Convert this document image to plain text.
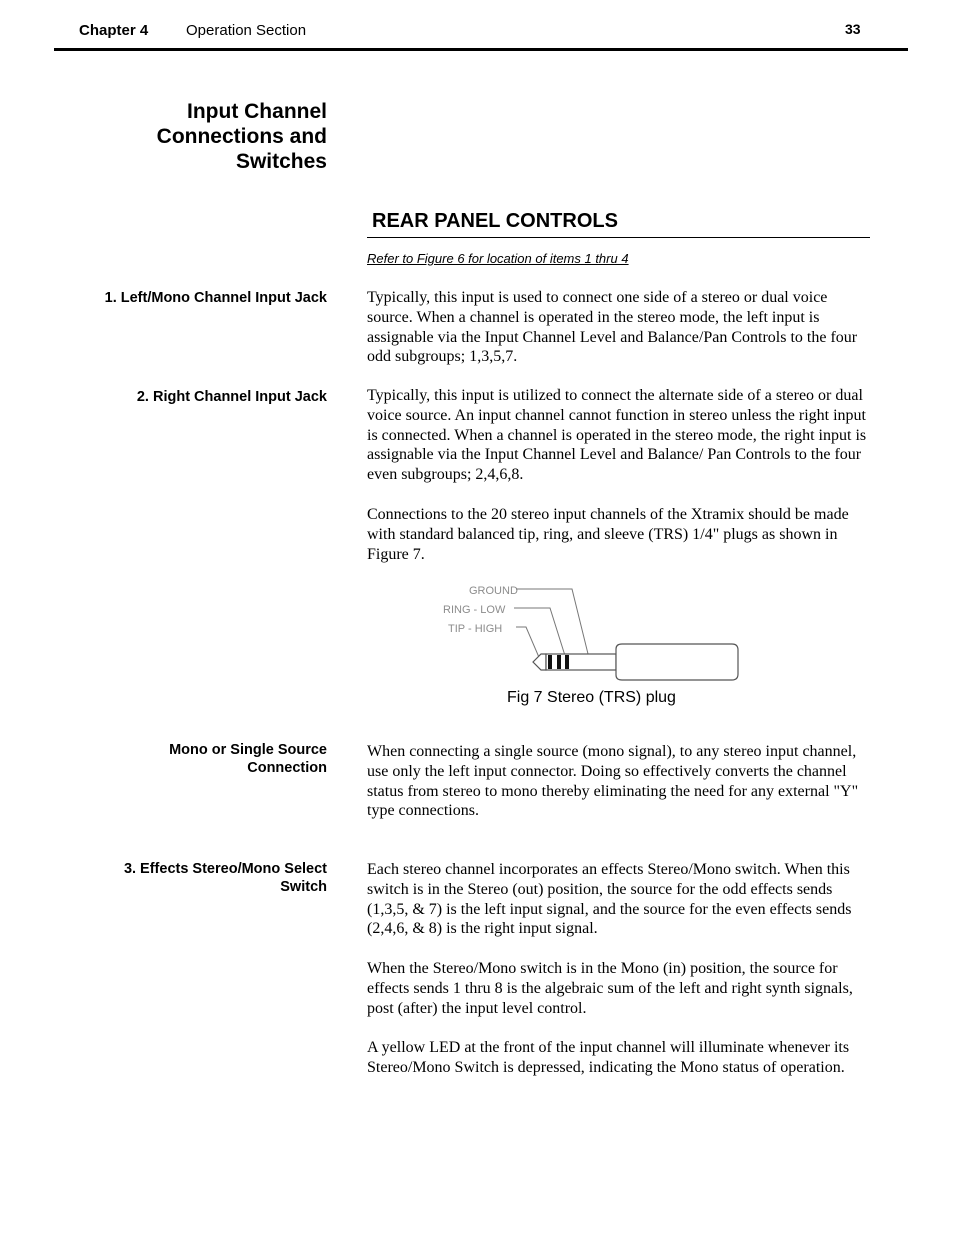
Chapter 4	Operation Section	33
Input Channel
Connections and
Switches
REAR PANEL CONTROLS
Refer to Figure 6 for location of items 1 thru 4
1. Left/Mono Channel Input Jack	Typically, this input is used to connect one side of a stereo or dual voice source. When a channel is operated in the stereo mode, the left input is assignable via the Input Channel Level and Balance/Pan Controls to the four odd subgroups; 1,3,5,7.
2. Right Channel Input Jack	Typically, this input is utilized to connect the alternate side of a stereo or dual voice source. An input channel cannot function in stereo unless the right input is connected. When a channel is operated in the stereo mode, the right input is assignable via the Input Channel Level and Balance/ Pan Controls to the four even subgroups; 2,4,6,8.
Connections to the 20 stereo input channels of the Xtramix should be made with standard balanced tip, ring, and sleeve (TRS) 1/4" plugs as shown in Figure 7.
GROUND
RING - LOW
TIP - HIGH
Fig 7 Stereo (TRS) plug
Mono or Single Source
Connection
When connecting a single source (mono signal), to any stereo input channel, use only the left input connector. Doing so effectively converts the channel status from stereo to mono thereby eliminating the need for any external "Y" type connections.
3. Effects Stereo/Mono Select
Switch
Each stereo channel incorporates an effects Stereo/Mono switch. When this switch is in the Stereo (out) position, the source for the odd effects sends (1,3,5, & 7) is the left input signal, and the source for the even effects sends (2,4,6, & 8) is the right input signal.
When the Stereo/Mono switch is in the Mono (in) position, the source for effects sends 1 thru 8 is the algebraic sum of the left and right synth signals, post (after) the input level control.
A yellow LED at the front of the input channel will illuminate whenever its Stereo/Mono Switch is depressed, indicating the Mono status of operation.
